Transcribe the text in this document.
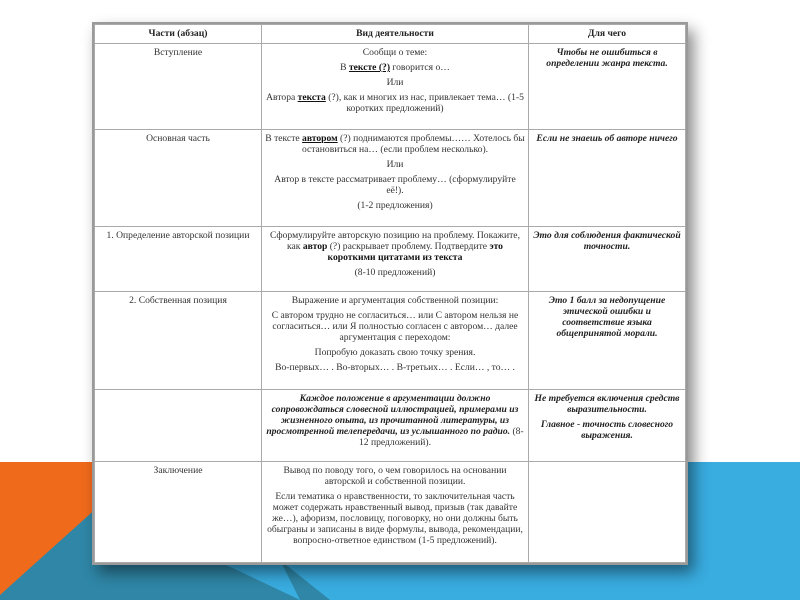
Части (абзац)	Вид деятельности	Для чего

Вступление	Сообщи о теме:

В тексте (?) говорится о…

Или

Автора текста (?), как и многих из нас, привлекает тема… (1-5 коротких предложений)	Чтобы не ошибиться в определении жанра текста.

Основная часть	В тексте автором (?) поднимаются проблемы…… Хотелось бы остановиться на… (если проблем несколько).

Или

Автор в тексте рассматривает проблему… (сформулируйте её!).

(1-2 предложения)	Если не знаешь об авторе ничего

1. Определение авторской позиции	Сформулируйте авторскую позицию на проблему. Покажите, как автор (?) раскрывает проблему. Подтвердите это короткими цитатами из текста

(8-10 предложений)	Это для соблюдения фактической точности.

2. Собственная позиция	Выражение и аргументация собственной позиции:

С автором трудно не согласиться… или С автором нельзя не согласиться… или Я полностью согласен с автором… далее аргументация с переходом:

Попробую доказать свою точку зрения.

Во-первых… . Во-вторых… . В-третьих… . Если… , то… .	Это 1 балл за недопущение этической ошибки и соответствие языка общепринятой морали.

	Каждое положение в аргументации должно сопровождаться словесной иллюстрацией, примерами из жизненного опыта, из прочитанной литературы, из просмотренной телепередачи, из услышанного по радио. (8-12 предложений).	Не требуется включения средств выразительности.

Главное - точность словесного выражения.

Заключение	Вывод по поводу того, о чем говорилось на основании авторской и собственной позиции.

Если тематика о нравственности, то заключительная часть может содержать нравственный вывод, призыв (так давайте же…), афоризм, пословицу, поговорку, но они должны быть обыграны и записаны в виде формулы, вывода, рекомендации, вопросно-ответное единством (1-5 предложений).	
